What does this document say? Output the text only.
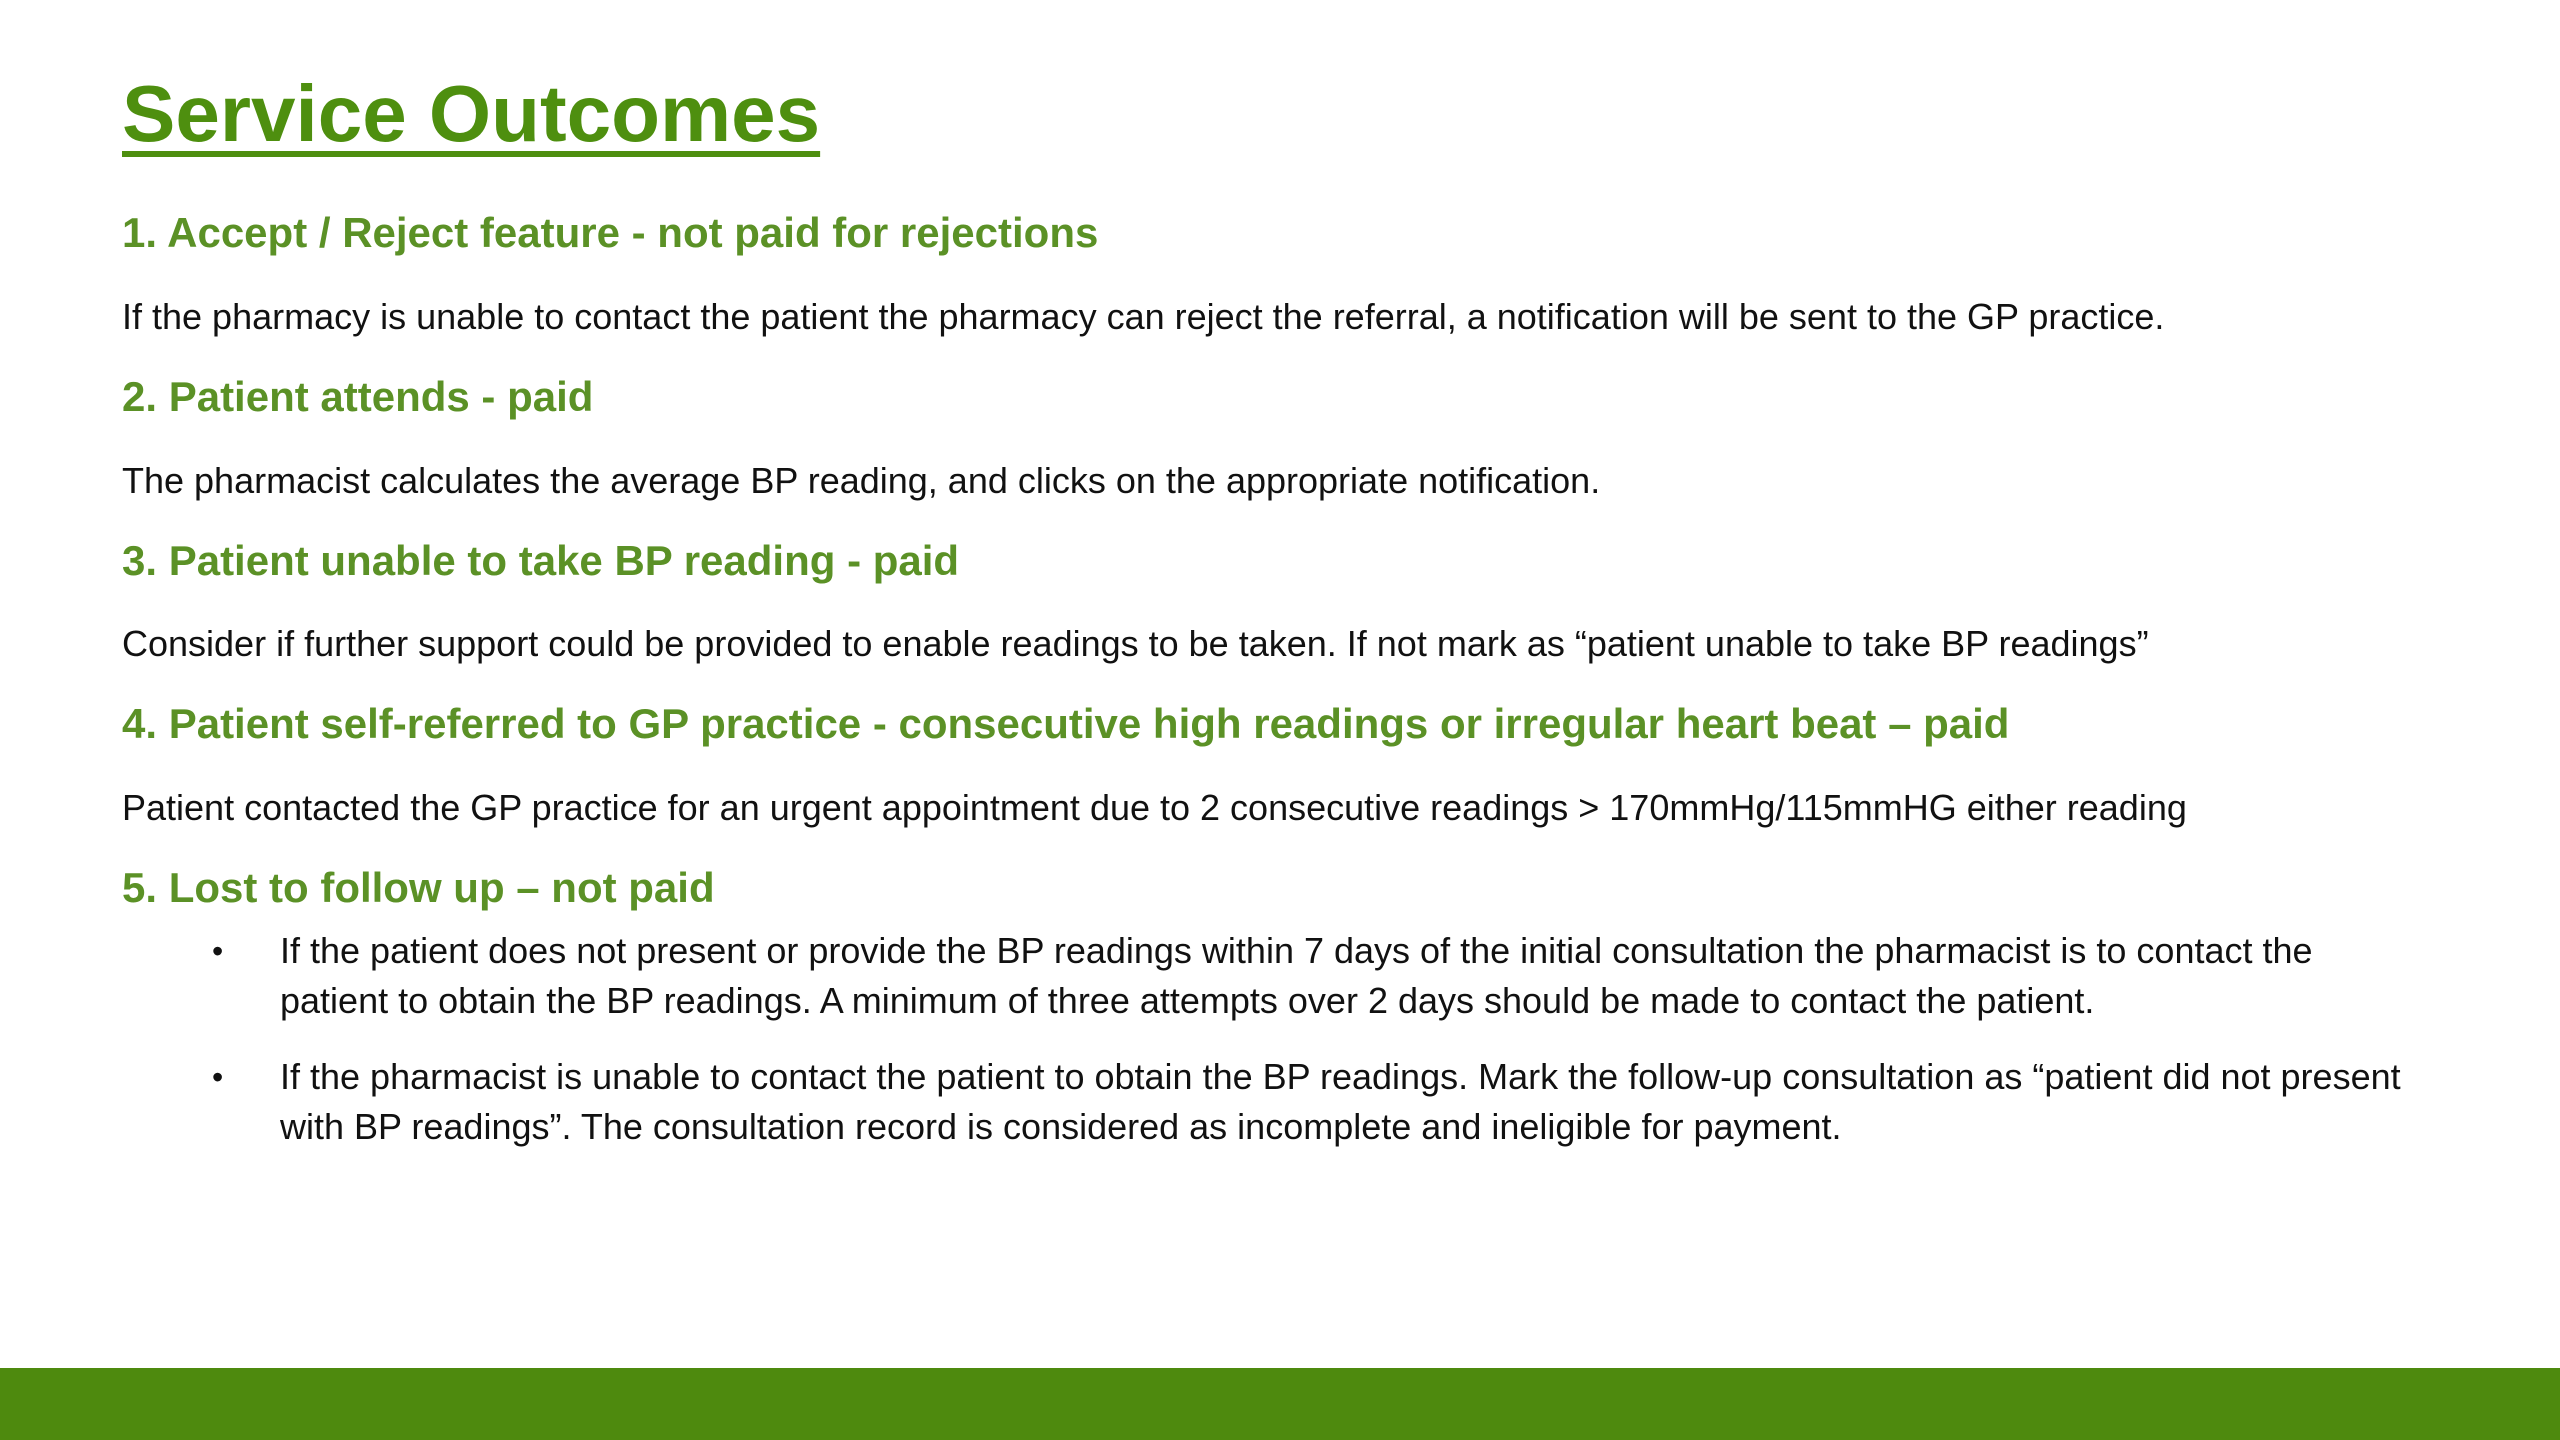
Service Outcomes
1. Accept / Reject feature - not paid for rejections

If the pharmacy is unable to contact the patient the pharmacy can reject the referral, a notification will be sent to the GP practice.

2. Patient attends - paid

The pharmacist calculates the average BP reading, and clicks on the appropriate notification.

3. Patient unable to take BP reading - paid

Consider if further support could be provided to enable readings to be taken. If not mark as “patient unable to take BP readings”

4. Patient self-referred to GP practice - consecutive high readings or irregular heart beat – paid

Patient contacted the GP practice for an urgent appointment due to 2 consecutive readings > 170mmHg/115mmHG either reading

5. Lost to follow up – not paid
• If the patient does not present or provide the BP readings within 7 days of the initial consultation the pharmacist is to contact the patient to obtain the BP readings. A minimum of three attempts over 2 days should be made to contact the patient.
• If the pharmacist is unable to contact the patient to obtain the BP readings. Mark the follow-up consultation as “patient did not present with BP readings”. The consultation record is considered as incomplete and ineligible for payment.
